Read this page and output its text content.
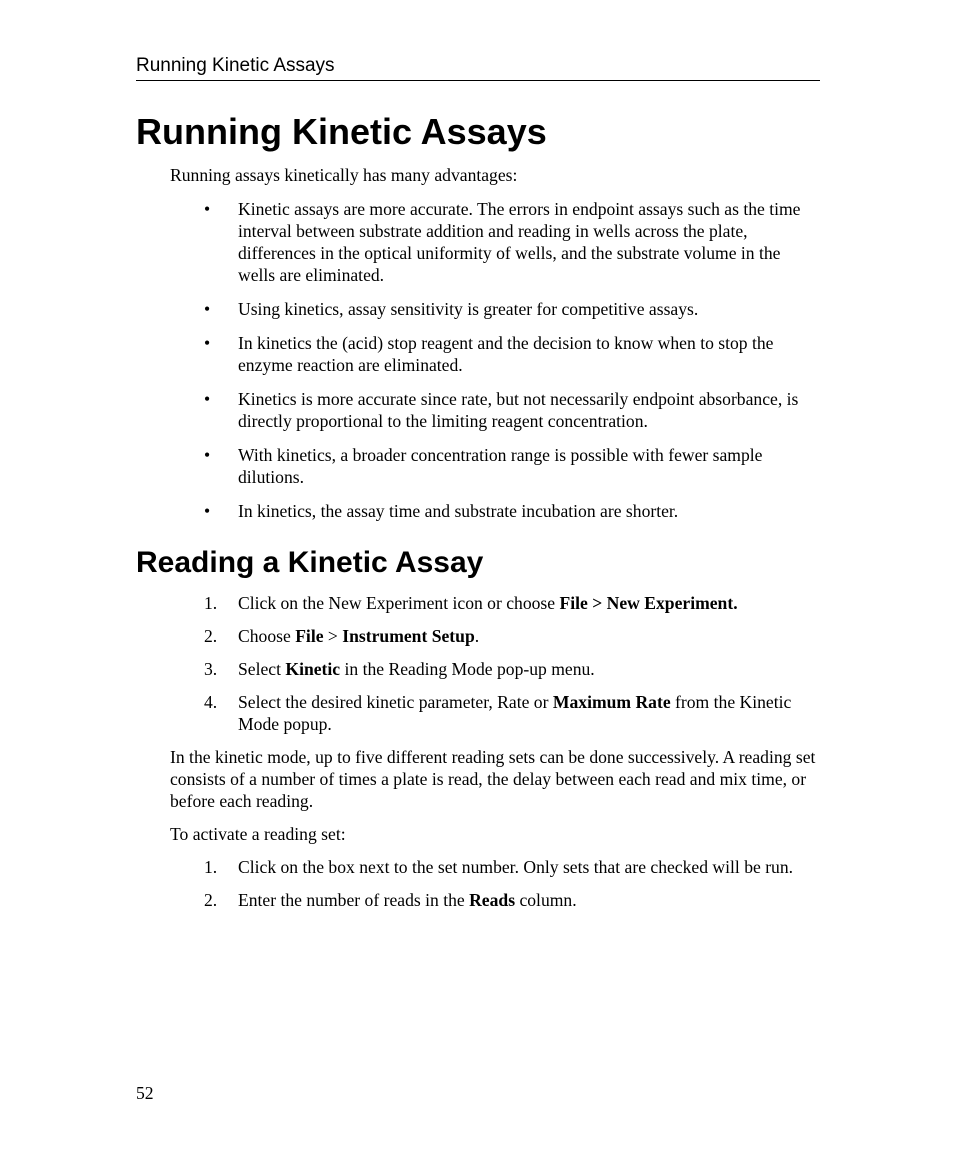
Running Kinetic Assays
Running Kinetic Assays

Running assays kinetically has many advantages:

• Kinetic assays are more accurate. The errors in endpoint assays such as the time interval between substrate addition and reading in wells across the plate, differences in the optical uniformity of wells, and the substrate volume in the wells are eliminated.
• Using kinetics, assay sensitivity is greater for competitive assays.
• In kinetics the (acid) stop reagent and the decision to know when to stop the enzyme reaction are eliminated.
• Kinetics is more accurate since rate, but not necessarily endpoint absorbance, is directly proportional to the limiting reagent concentration.
• With kinetics, a broader concentration range is possible with fewer sample dilutions.
• In kinetics, the assay time and substrate incubation are shorter.
Reading a Kinetic Assay
1. Click on the New Experiment icon or choose File > New Experiment.
2. Choose File > Instrument Setup.
3. Select Kinetic in the Reading Mode pop-up menu.
4. Select the desired kinetic parameter, Rate or Maximum Rate from the Kinetic Mode popup.

In the kinetic mode, up to five different reading sets can be done successively. A reading set consists of a number of times a plate is read, the delay between each read and mix time, or before each reading.

To activate a reading set:

1. Click on the box next to the set number. Only sets that are checked will be run.
2. Enter the number of reads in the Reads column.
52
